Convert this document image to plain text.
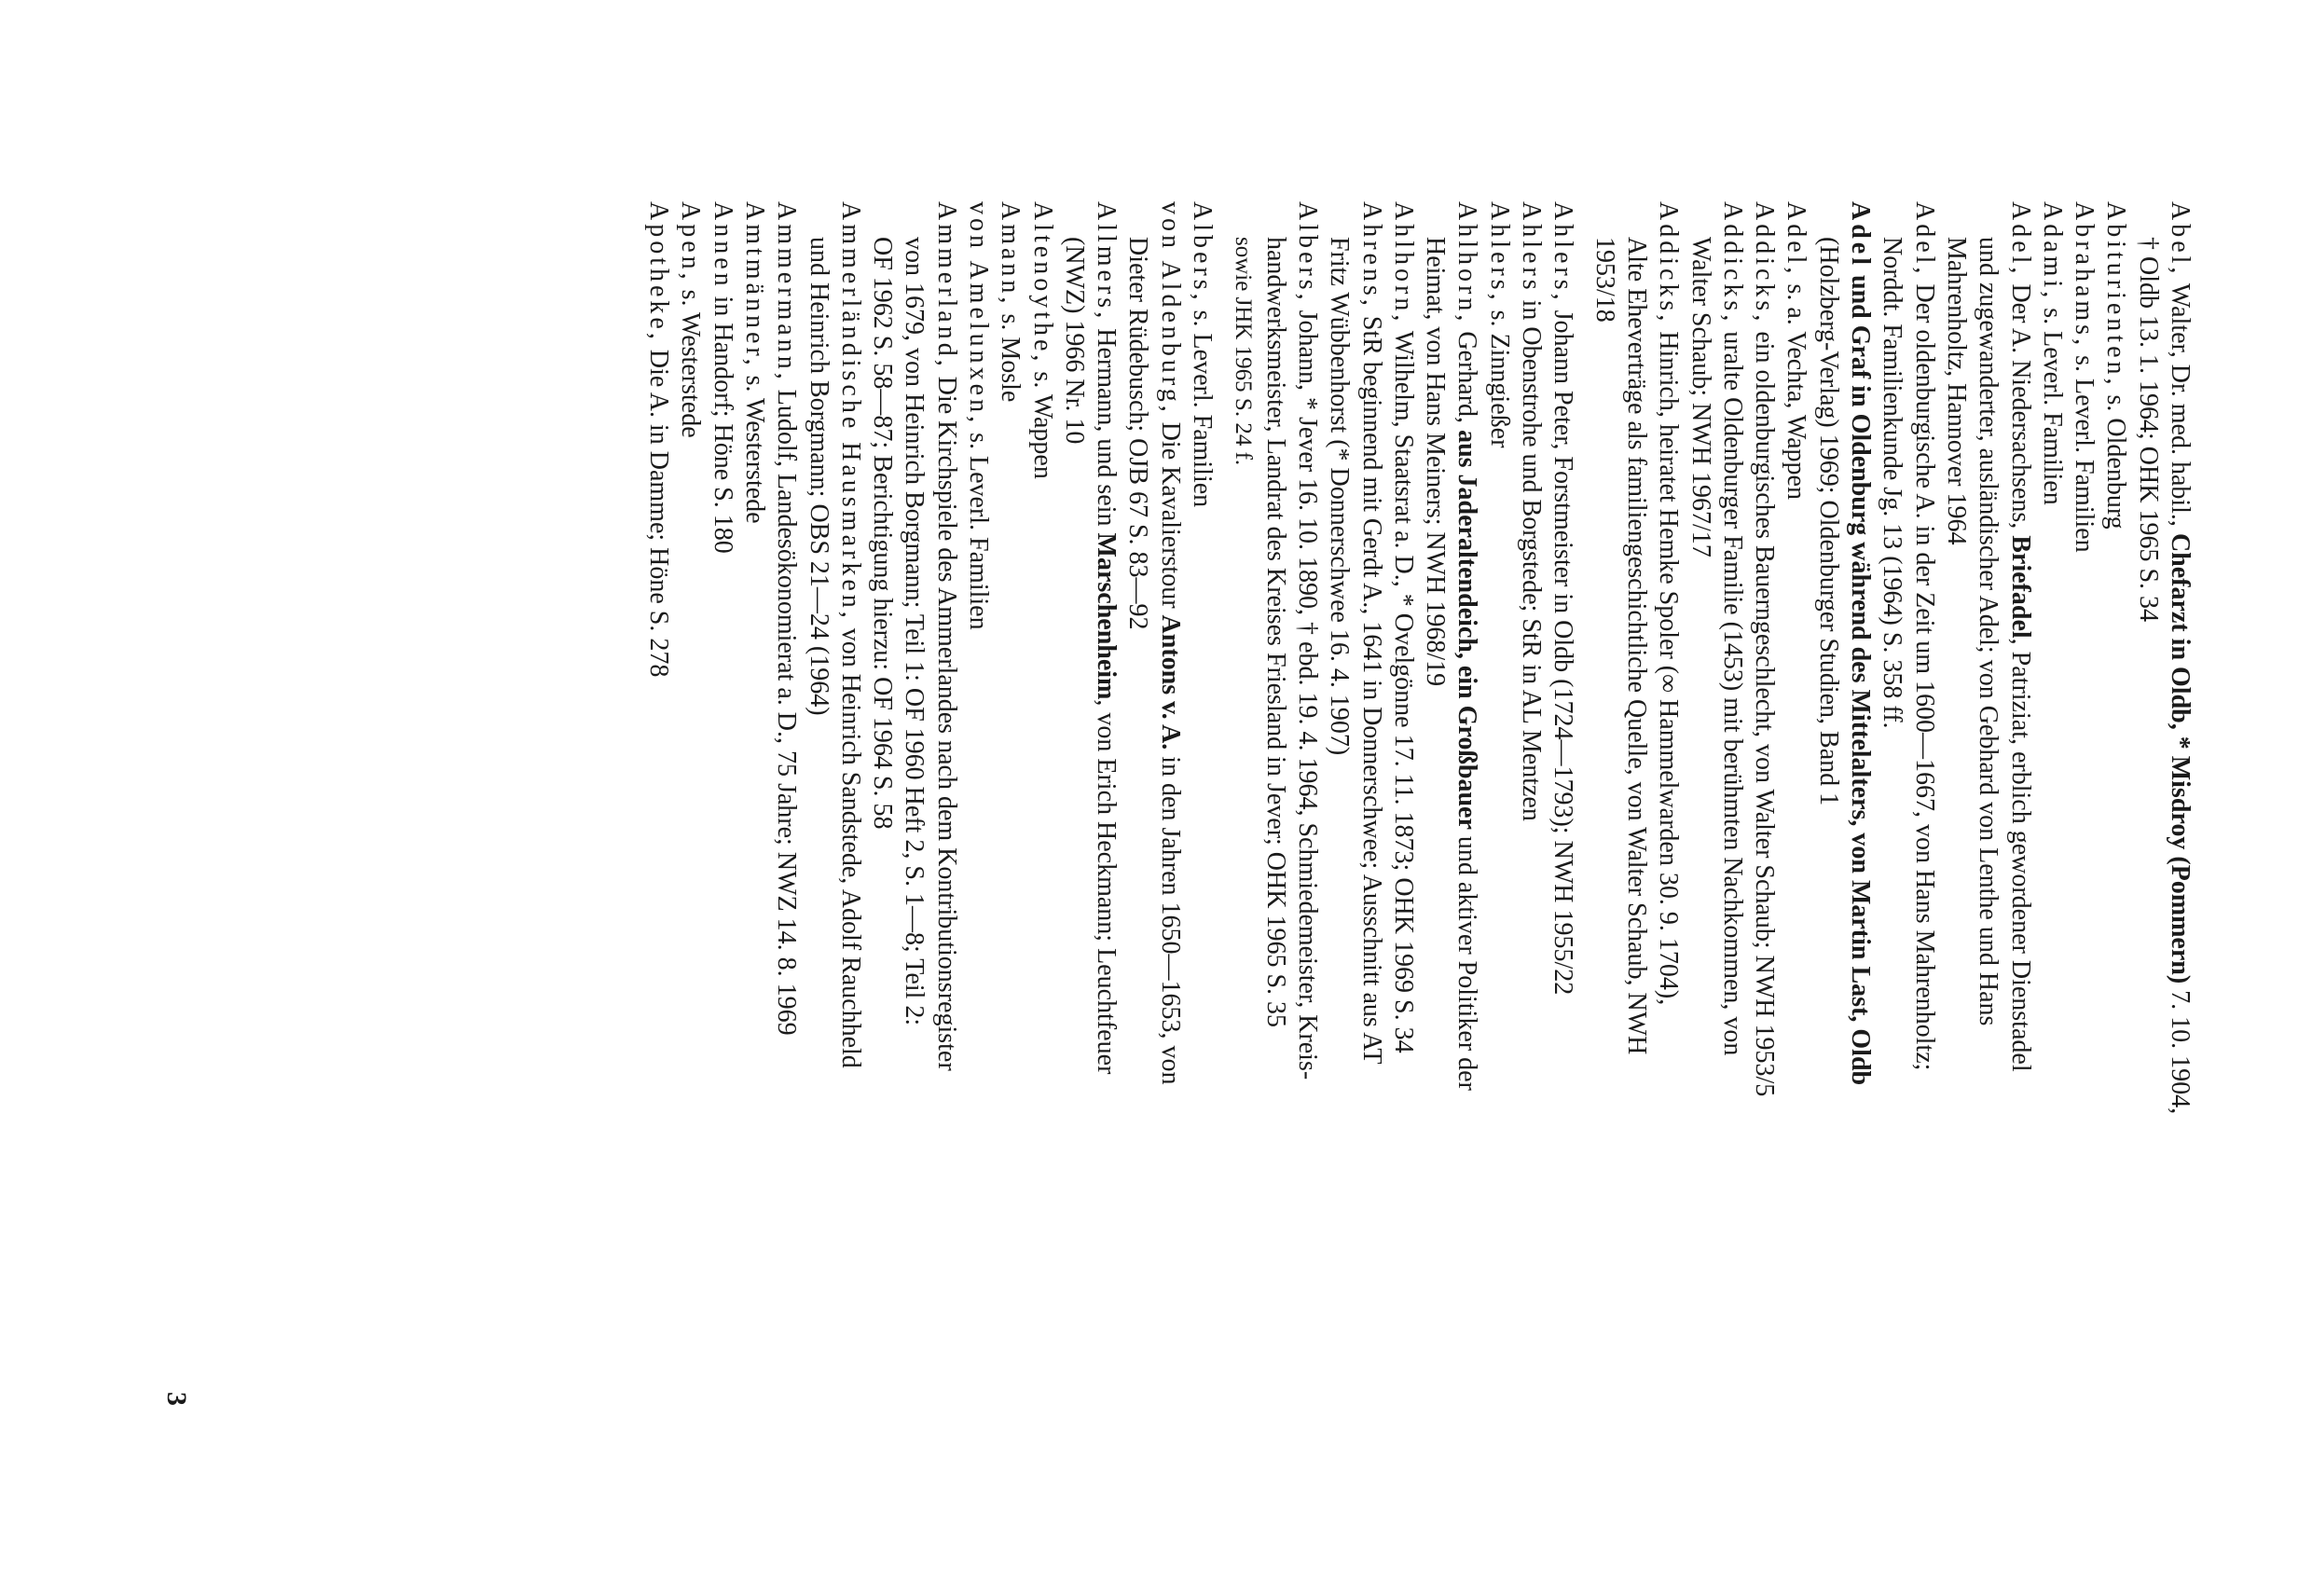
Abel, Walter, Dr. med. habil., Chefarzt in Oldb, * Misdroy (Pommern) 7. 10. 1904,
† Oldb 13. 1. 1964; OHK 1965 S. 34

Abiturienten, s. Oldenburg

Abrahams, s. Leverl. Familien

Adami, s. Leverl. Familien

Adel, Der A. Niedersachsens, Briefadel, Patriziat, erblich gewordener Dienstadel
und zugewanderter, ausländischer Adel; von Gebhard von Lenthe und Hans
Mahrenholtz, Hannover 1964

Adel, Der oldenburgische A. in der Zeit um 1600—1667, von Hans Mahrenholtz;
Norddt. Familienkunde Jg. 13 (1964) S. 358 ff.

Adel und Graf in Oldenburg während des Mittelalters, von Martin Last, Oldb
(Holzberg-Verlag) 1969; Oldenburger Studien, Band 1

Adel, s. a. Vechta, Wappen

Addicks, ein oldenburgisches Bauerngeschlecht, von Walter Schaub; NWH 1953/5

Addicks, uralte Oldenburger Familie (1453) mit berühmten Nachkommen, von
Walter Schaub; NWH 1967/17

Addicks, Hinrich, heiratet Hemke Spoler (∞ Hammelwarden 30. 9. 1704),
Alte Eheverträge als familiengeschichtliche Quelle, von Walter Schaub, NWH
1953/18

Ahlers, Johann Peter, Forstmeister in Oldb (1724—1793); NWH 1955/22

Ahlers in Obenstrohe und Borgstede; StR in AL Mentzen

Ahlers, s. Zinngießer

Ahlhorn, Gerhard, aus Jaderaltendeich, ein Großbauer und aktiver Politiker der
Heimat, von Hans Meiners; NWH 1968/19

Ahlhorn, Wilhelm, Staatsrat a. D., * Ovelgönne 17. 11. 1873; OHK 1969 S. 34

Ahrens, StR beginnend mit Gerdt A., 1641 in Donnerschwee; Ausschnitt aus AT
Fritz Wübbenhorst (* Donnerschwee 16. 4. 1907)

Albers, Johann, * Jever 16. 10. 1890, † ebd. 19. 4. 1964, Schmiedemeister, Kreis-
handwerksmeister, Landrat des Kreises Friesland in Jever; OHK 1965 S. 35
sowie JHK 1965 S. 24 f.

Albers, s. Leverl. Familien

von Aldenburg, Die Kavalierstour Antons v. A. in den Jahren 1650—1653, von
Dieter Rüdebusch; OJB 67 S. 83—92

Allmers, Hermann, und sein Marschenheim, von Erich Heckmann; Leuchtfeuer
(NWZ) 1966 Nr. 10

Altenoythe, s. Wappen

Amann, s. Mosle

von Amelunxen, s. Leverl. Familien

Ammerland, Die Kirchspiele des Ammerlandes nach dem Kontributionsregister
von 1679, von Heinrich Borgmann; Teil 1: OF 1960 Heft 2, S. 1—8; Teil 2:
OF 1962 S. 58—87; Berichtigung hierzu: OF 1964 S. 58

Ammerländische Hausmarken, von Heinrich Sandstede, Adolf Rauchheld
und Heinrich Borgmann; OBS 21—24 (1964)

Ammermann, Ludolf, Landesökonomierat a. D., 75 Jahre; NWZ 14. 8. 1969

Amtmänner, s. Westerstede

Annen in Handorf; Höne S. 180

Apen, s. Westerstede

Apotheke, Die A. in Damme; Höne S. 278

3
